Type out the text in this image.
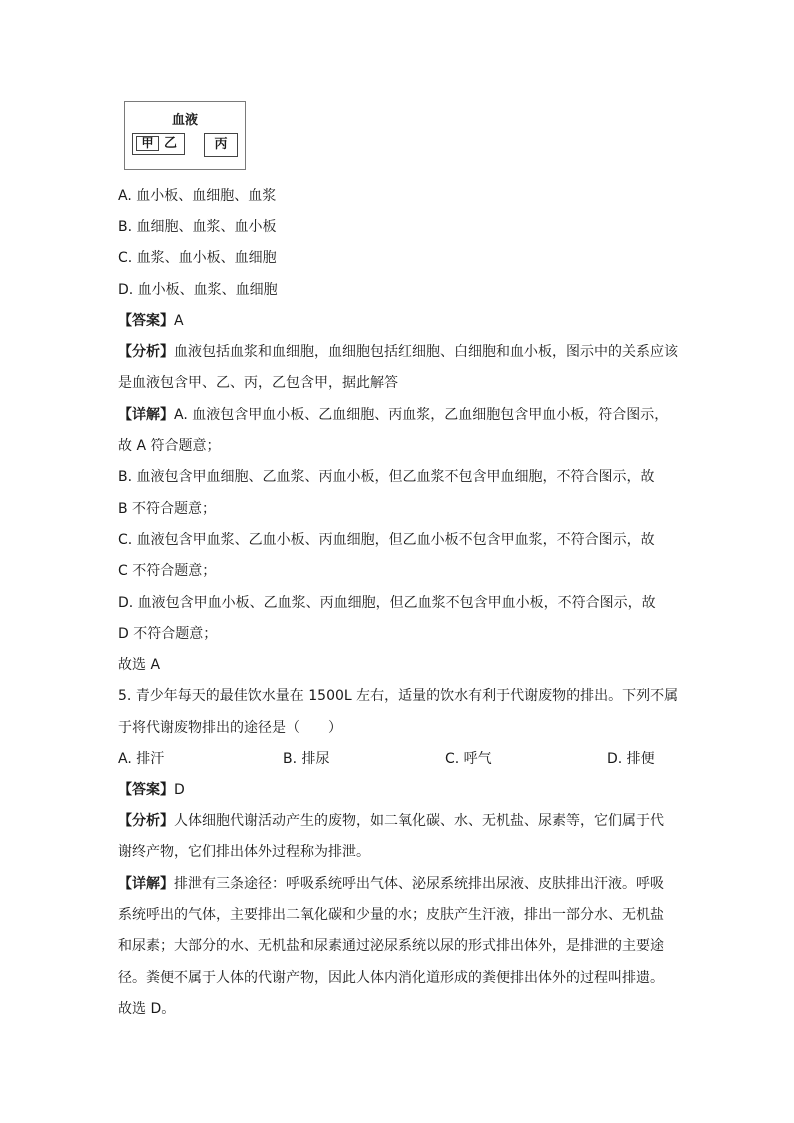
血液
甲 乙	丙
A. 血小板、血细胞、血浆
B. 血细胞、血浆、血小板
C. 血浆、血小板、血细胞
D. 血小板、血浆、血细胞
【答案】A
【分析】血液包括血浆和血细胞，血细胞包括红细胞、白细胞和血小板，图示中的关系应该
是血液包含甲、乙、丙，乙包含甲，据此解答
【详解】A. 血液包含甲血小板、乙血细胞、丙血浆，乙血细胞包含甲血小板，符合图示，
故 A 符合题意；
B. 血液包含甲血细胞、乙血浆、丙血小板，但乙血浆不包含甲血细胞，不符合图示，故
B 不符合题意；
C. 血液包含甲血浆、乙血小板、丙血细胞，但乙血小板不包含甲血浆，不符合图示，故
C 不符合题意；
D. 血液包含甲血小板、乙血浆、丙血细胞，但乙血浆不包含甲血小板，不符合图示，故
D 不符合题意；
故选 A
5. 青少年每天的最佳饮水量在 1500L 左右，适量的饮水有利于代谢废物的排出。下列不属
于将代谢废物排出的途径是（　　）
A. 排汗	B. 排尿	C. 呼气	D. 排便
【答案】D
【分析】人体细胞代谢活动产生的废物，如二氧化碳、水、无机盐、尿素等，它们属于代
谢终产物，它们排出体外过程称为排泄。
【详解】排泄有三条途径：呼吸系统呼出气体、泌尿系统排出尿液、皮肤排出汗液。呼吸
系统呼出的气体，主要排出二氧化碳和少量的水；皮肤产生汗液，排出一部分水、无机盐
和尿素；大部分的水、无机盐和尿素通过泌尿系统以尿的形式排出体外，是排泄的主要途
径。粪便不属于人体的代谢产物，因此人体内消化道形成的粪便排出体外的过程叫排遗。
故选 D。
